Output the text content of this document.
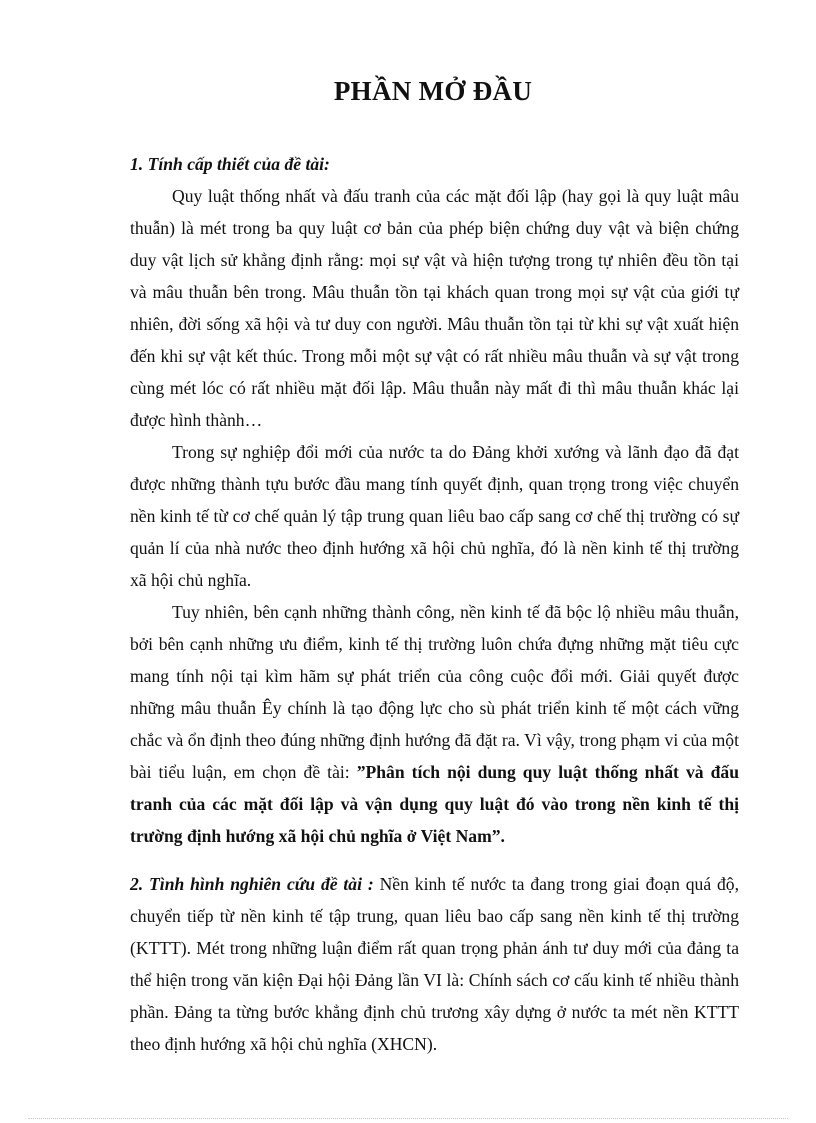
PHẦN MỞ ĐẦU

1. Tính cấp thiết của đề tài:

Quy luật thống nhất và đấu tranh của các mặt đối lập (hay gọi là quy luật mâu thuẫn) là mét trong ba quy luật cơ bản của phép biện chứng duy vật và biện chứng duy vật lịch sử khẳng định rằng: mọi sự vật và hiện tượng trong tự nhiên đều tồn tại và mâu thuẫn bên trong. Mâu thuẫn tồn tại khách quan trong mọi sự vật của giới tự nhiên, đời sống xã hội và tư duy con người. Mâu thuẫn tồn tại từ khi sự vật xuất hiện đến khi sự vật kết thúc. Trong mỗi một sự vật có rất nhiều mâu thuẫn và sự vật trong cùng mét lóc có rất nhiều mặt đối lập. Mâu thuẫn này mất đi thì mâu thuẫn khác lại được hình thành…

Trong sự nghiệp đổi mới của nước ta do Đảng khởi xướng và lãnh đạo đã đạt được những thành tựu bước đầu mang tính quyết định, quan trọng trong việc chuyển nền kinh tế từ cơ chế quản lý tập trung quan liêu bao cấp sang cơ chế thị trường có sự quản lí của nhà nước theo định hướng xã hội chủ nghĩa, đó là nền kinh tế thị trường xã hội chủ nghĩa.

Tuy nhiên, bên cạnh những thành công, nền kinh tế đã bộc lộ nhiều mâu thuẫn, bởi bên cạnh những ưu điểm, kinh tế thị trường luôn chứa đựng những mặt tiêu cực mang tính nội tại kìm hãm sự phát triển của công cuộc đổi mới. Giải quyết được những mâu thuẫn Êy chính là tạo động lực cho sù phát triển kinh tế một cách vững chắc và ổn định theo đúng những định hướng đã đặt ra. Vì vậy, trong phạm vi của một bài tiểu luận, em chọn đề tài: ”Phân tích nội dung quy luật thống nhất và đấu tranh của các mặt đối lập và vận dụng quy luật đó vào trong nền kinh tế thị trường định hướng xã hội chủ nghĩa ở Việt Nam”.

2. Tình hình nghiên cứu đề tài : Nền kinh tế nước ta đang trong giai đoạn quá độ, chuyển tiếp từ nền kinh tế tập trung, quan liêu bao cấp sang nền kinh tế thị trường (KTTT). Mét trong những luận điểm rất quan trọng phản ánh tư duy mới của đảng ta thể hiện trong văn kiện Đại hội Đảng lần VI là: Chính sách cơ cấu kinh tế nhiều thành phần. Đảng ta từng bước khẳng định chủ trương xây dựng ở nước ta mét nền KTTT theo định hướng xã hội chủ nghĩa (XHCN).
